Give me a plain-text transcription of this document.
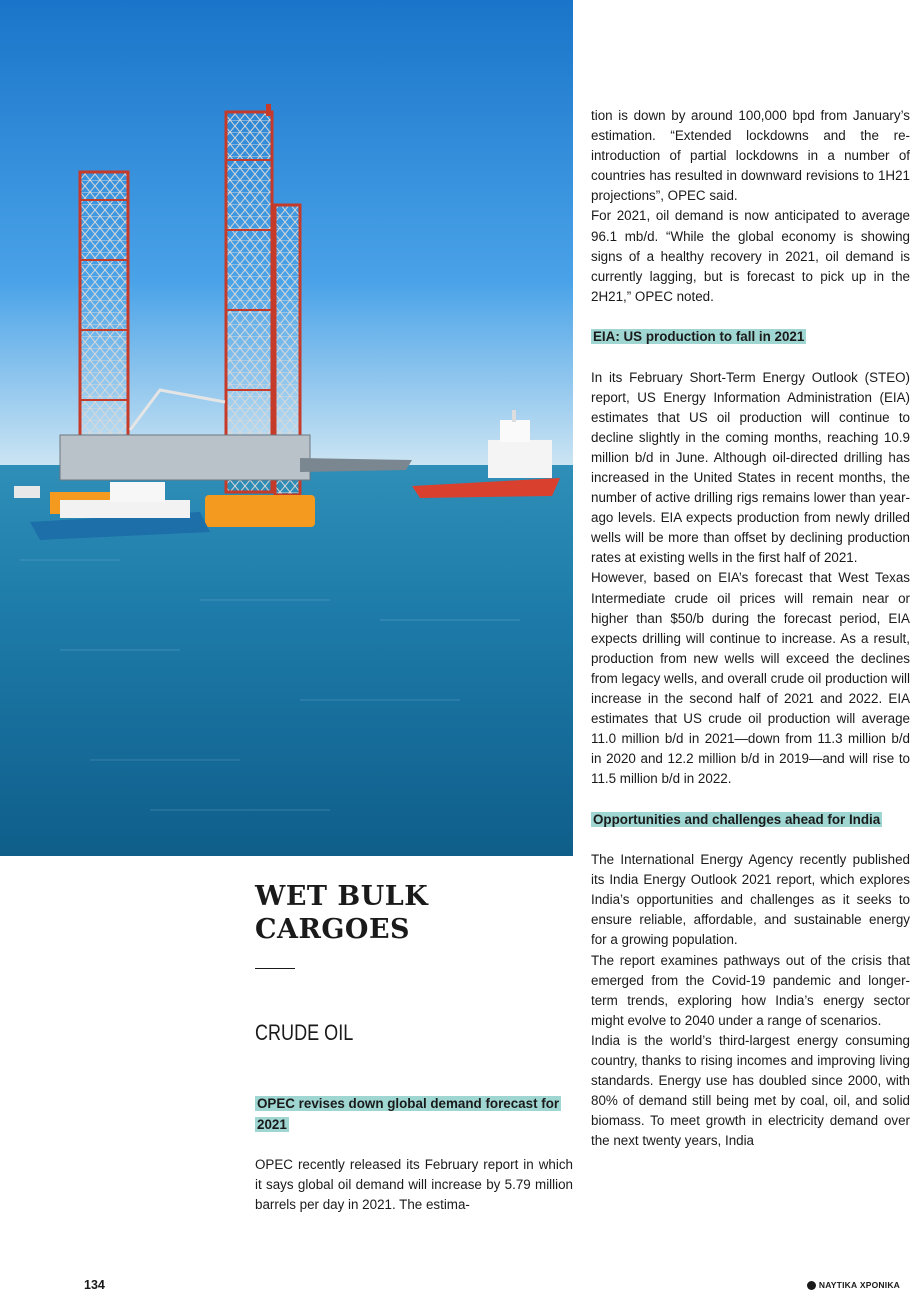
tion is down by around 100,000 bpd from January’s estimation. “Extended lockdowns and the re-introduction of partial lockdowns in a number of countries has resulted in downward revisions to 1H21 projections”, OPEC said.

For 2021, oil demand is now anticipated to average 96.1 mb/d. “While the global economy is showing signs of a healthy recovery in 2021, oil demand is currently lagging, but is forecast to pick up in the 2H21,” OPEC noted.

EIA: US production to fall in 2021

In its February Short-Term Energy Outlook (STEO) report, US Energy Information Administration (EIA) estimates that US oil production will continue to decline slightly in the coming months, reaching 10.9 million b/d in June. Although oil-directed drilling has increased in the United States in recent months, the number of active drilling rigs remains lower than year-ago levels. EIA expects production from newly drilled wells will be more than offset by declining production rates at existing wells in the first half of 2021.

However, based on EIA’s forecast that West Texas Intermediate crude oil prices will remain near or higher than $50/b during the forecast period, EIA expects drilling will continue to increase. As a result, production from new wells will exceed the declines from legacy wells, and overall crude oil production will increase in the second half of 2021 and 2022. EIA estimates that US crude oil production will average 11.0 million b/d in 2021—down from 11.3 million b/d in 2020 and 12.2 million b/d in 2019—and will rise to 11.5 million b/d in 2022.

Opportunities and challenges ahead for India

The International Energy Agency recently published its India Energy Outlook 2021 report, which explores India’s opportunities and challenges as it seeks to ensure reliable, affordable, and sustainable energy for a growing population.

The report examines pathways out of the crisis that emerged from the Covid-19 pandemic and longer-term trends, exploring how India’s energy sector might evolve to 2040 under a range of scenarios.

India is the world’s third-largest energy consuming country, thanks to rising incomes and improving living standards. Energy use has doubled since 2000, with 80% of demand still being met by coal, oil, and solid biomass. To meet growth in electricity demand over the next twenty years, India

WET BULK
CARGOES
CRUDE OIL
OPEC revises down global demand forecast for 2021

OPEC recently released its February report in which it says global oil demand will increase by 5.79 million barrels per day in 2021. The estima-

134	ΝΑΥΤΙΚΑ ΧΡΟΝΙΚΑ
